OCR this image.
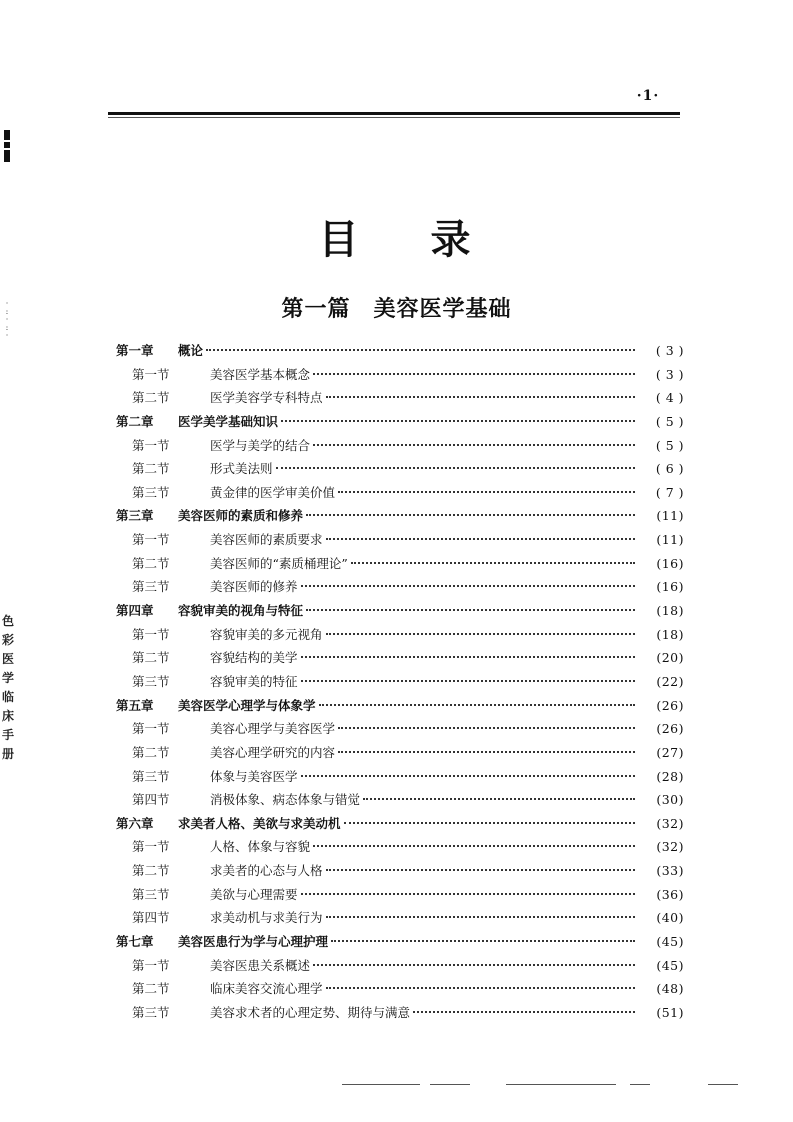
·1·
·
:
·
:
·
色彩医学临床手册
目 录
第一篇　美容医学基础
第一章	概论	( 3 )
第一节	美容医学基本概念	( 3 )
第二节	医学美容学专科特点	( 4 )
第二章	医学美学基础知识	( 5 )
第一节	医学与美学的结合	( 5 )
第二节	形式美法则	( 6 )
第三节	黄金律的医学审美价值	( 7 )
第三章	美容医师的素质和修养	(11)
第一节	美容医师的素质要求	(11)
第二节	美容医师的“素质桶理论”	(16)
第三节	美容医师的修养	(16)
第四章	容貌审美的视角与特征	(18)
第一节	容貌审美的多元视角	(18)
第二节	容貌结构的美学	(20)
第三节	容貌审美的特征	(22)
第五章	美容医学心理学与体象学	(26)
第一节	美容心理学与美容医学	(26)
第二节	美容心理学研究的内容	(27)
第三节	体象与美容医学	(28)
第四节	消极体象、病态体象与错觉	(30)
第六章	求美者人格、美欲与求美动机	(32)
第一节	人格、体象与容貌	(32)
第二节	求美者的心态与人格	(33)
第三节	美欲与心理需要	(36)
第四节	求美动机与求美行为	(40)
第七章	美容医患行为学与心理护理	(45)
第一节	美容医患关系概述	(45)
第二节	临床美容交流心理学	(48)
第三节	美容求术者的心理定势、期待与满意	(51)
